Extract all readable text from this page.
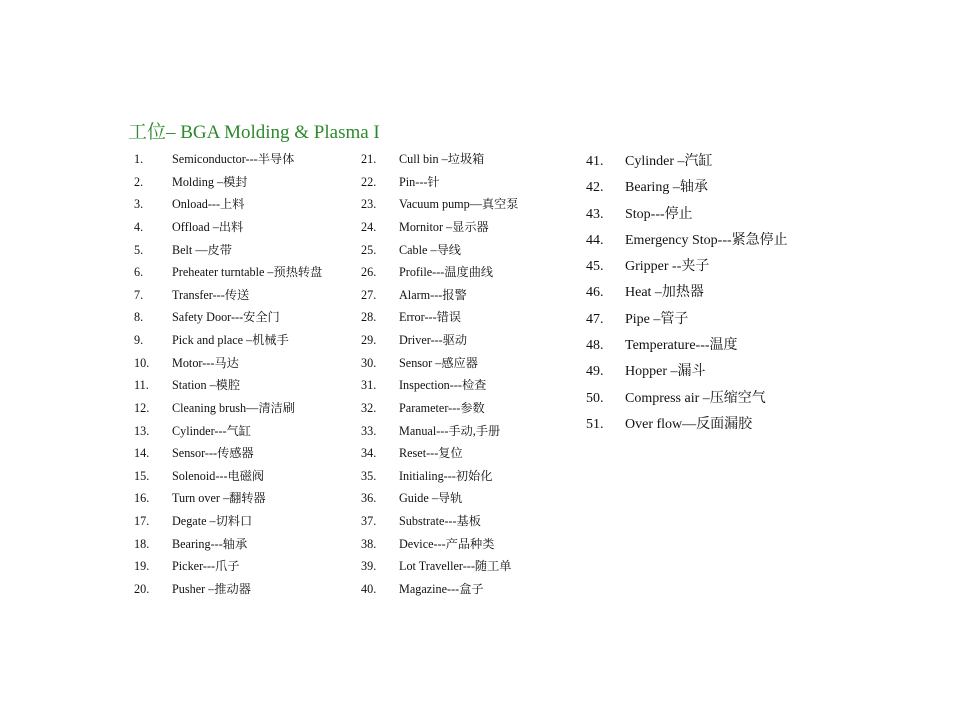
工位– BGA Molding & Plasma I
1. Semiconductor---半导体
2. Molding –模封
3. Onload---上料
4. Offload –出料
5. Belt —皮带
6. Preheater turntable –预热转盘
7. Transfer---传送
8. Safety Door---安全门
9. Pick and place –机械手
10. Motor---马达
11. Station –模腔
12. Cleaning brush—清洁刷
13. Cylinder---气缸
14. Sensor---传感器
15. Solenoid---电磁阀
16. Turn over –翻转器
17. Degate –切料口
18. Bearing---轴承
19. Picker---爪子
20. Pusher –推动器
21. Cull bin –垃圾箱
22. Pin---针
23. Vacuum pump—真空泵
24. Mornitor –显示器
25. Cable –导线
26. Profile---温度曲线
27. Alarm---报警
28. Error---错误
29. Driver---驱动
30. Sensor –感应器
31. Inspection---检查
32. Parameter---参数
33. Manual---手动,手册
34. Reset---复位
35. Initialing---初始化
36. Guide –导轨
37. Substrate---基板
38. Device---产品种类
39. Lot Traveller---随工单
40. Magazine---盒子
41. Cylinder –汽缸
42. Bearing –轴承
43. Stop---停止
44. Emergency Stop---紧急停止
45. Gripper --夹子
46. Heat –加热器
47. Pipe –管子
48. Temperature---温度
49. Hopper –漏斗
50. Compress air –压缩空气
51. Over flow—反面漏胶
